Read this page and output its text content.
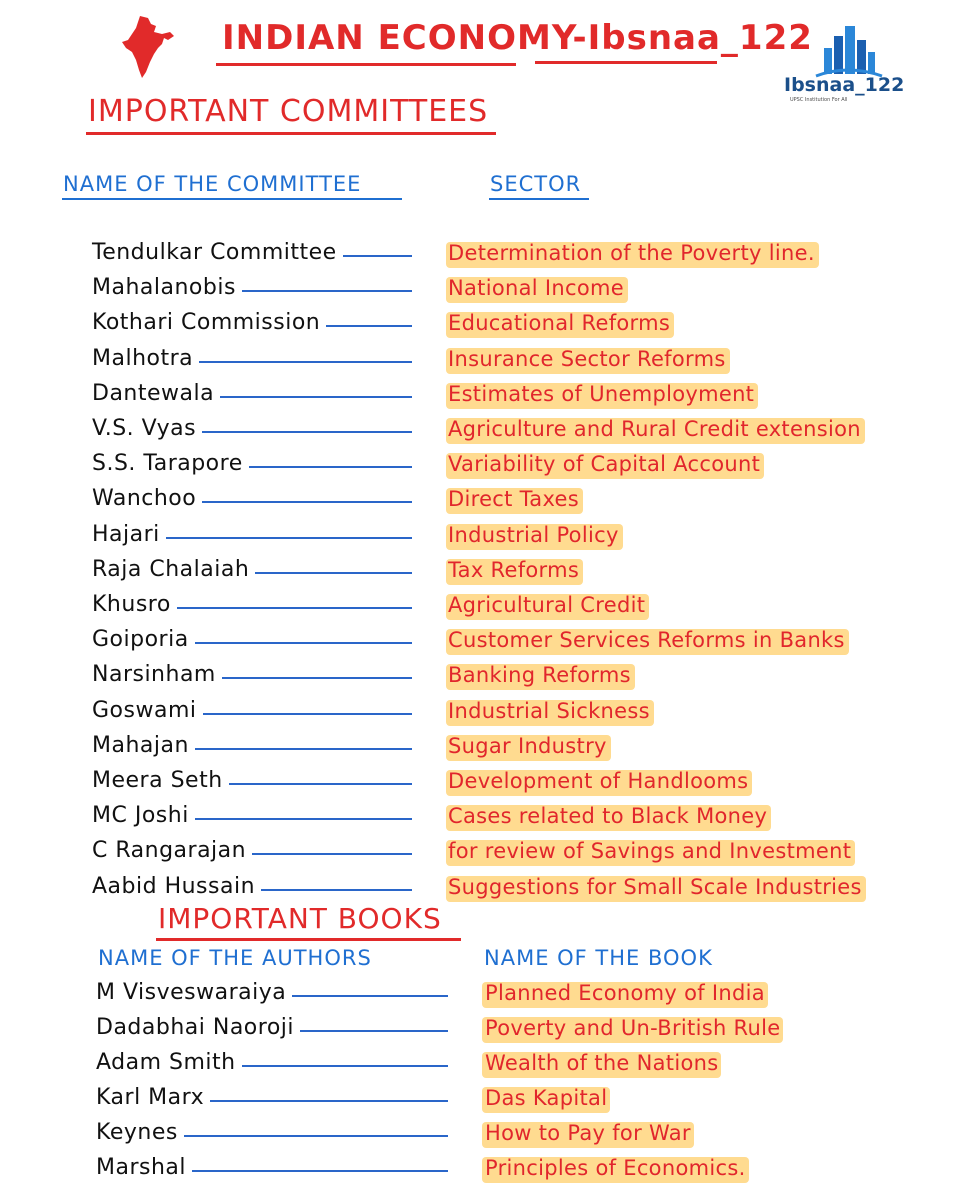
INDIAN ECONOMY-Ibsnaa_122
Ibsnaa_122
UPSC Institution For All
IMPORTANT COMMITTEES
NAME OF THE COMMITTEE	SECTOR
Tendulkar Committee	Determination of the Poverty line.
Mahalanobis	National Income
Kothari Commission	Educational Reforms
Malhotra	Insurance Sector Reforms
Dantewala	Estimates of Unemployment
V.S. Vyas	Agriculture and Rural Credit extension
S.S. Tarapore	Variability of Capital Account
Wanchoo	Direct Taxes
Hajari	Industrial Policy
Raja Chalaiah	Tax Reforms
Khusro	Agricultural Credit
Goiporia	Customer Services Reforms in Banks
Narsinham	Banking Reforms
Goswami	Industrial Sickness
Mahajan	Sugar Industry
Meera Seth	Development of Handlooms
MC Joshi	Cases related to Black Money
C Rangarajan	for review of Savings and Investment
Aabid Hussain	Suggestions for Small Scale Industries
IMPORTANT BOOKS
NAME OF THE AUTHORS	NAME OF THE BOOK
M Visveswaraiya	Planned Economy of India
Dadabhai Naoroji	Poverty and Un-British Rule
Adam Smith	Wealth of the Nations
Karl Marx	Das Kapital
Keynes	How to Pay for War
Marshal	Principles of Economics.
